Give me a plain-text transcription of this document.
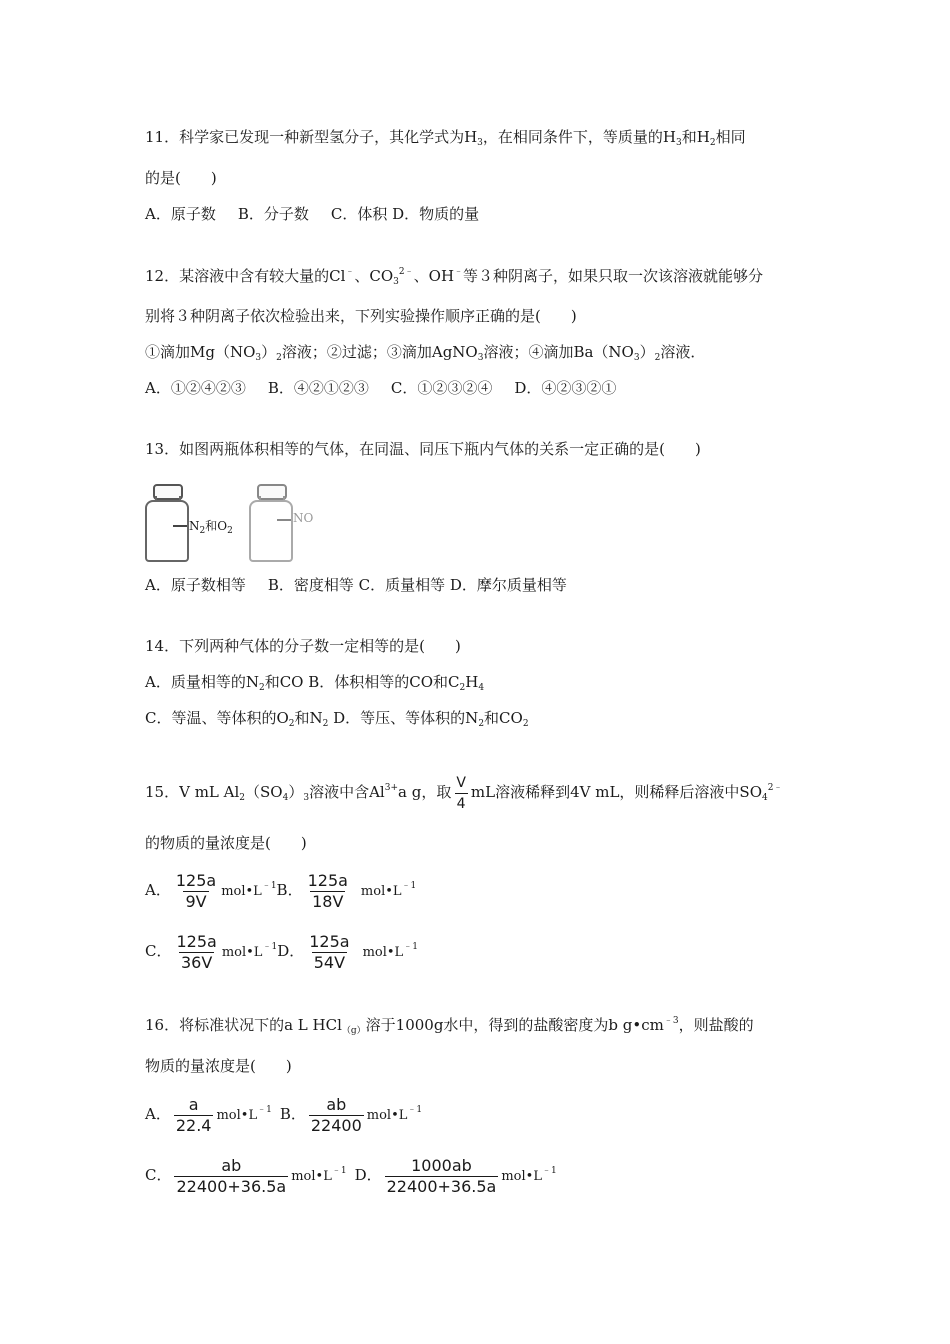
11．科学家已发现一种新型氢分子，其化学式为$H_3$，在相同条件下，等质量的$H_3$和$H_2$相同
的是(　　)
A．原子数 B．分子数 C．体积 D．物质的量
12．某溶液中含有较大量的Cl﹣、$CO_3^{2﹣}$、OH﹣等３种阴离子，如果只取一次该溶液就能够分
别将３种阴离子依次检验出来，下列实验操作顺序正确的是(　　)
①滴加$Mg(NO_3)_2$溶液；②过滤；③滴加AgNO$_3$溶液；④滴加$Ba(NO_3)_2$溶液．
A．①②④②③ B．④②①②③ C．①②③②④ D．④②③②①
13．如图两瓶体积相等的气体，在同温、同压下瓶内气体的关系一定正确的是(　　)
$N_2$和$O_2$
NO
A．原子数相等 B．密度相等 C．质量相等 D．摩尔质量相等
14．下列两种气体的分子数一定相等的是(　　)
A．质量相等的$N_2$和CO B．体积相等的CO和$C_2H_4$
C．等温、等体积的$O_2$和$N_2$ D．等压、等体积的$N_2$和$CO_2$
15．V mL $Al_2(SO_4)_3$溶液中含$Al^{3+}a$ g，取 $\frac{V}{4}$ mL溶液稀释到4V mL，则稀释后溶液中$SO_4^{2﹣}$
的物质的量浓度是(　　)
A． $\frac{125a}{9V}$ $mol•L^{﹣1}B$． $\frac{125a}{18V}$ $mol•L^{﹣1}$
C． $\frac{125a}{36V}$ $mol•L^{﹣1}D$． $\frac{125a}{54V}$ $mol•L^{﹣1}$
16．将标准状况下的a L HCl$_{(g)}$溶于1000g水中，得到的盐酸密度为b $g•cm^{﹣3}$，则盐酸的
物质的量浓度是(　　)
A． $\frac{a}{22.4}$ $mol•L^{﹣1}$ B． $\frac{ab}{22400}$ $mol•L^{﹣1}$
C． $\frac{ab}{22400+36.5a}$ $mol•L^{﹣1}$ D． $\frac{1000ab}{22400+36.5a}$ $mol•L^{﹣1}$
